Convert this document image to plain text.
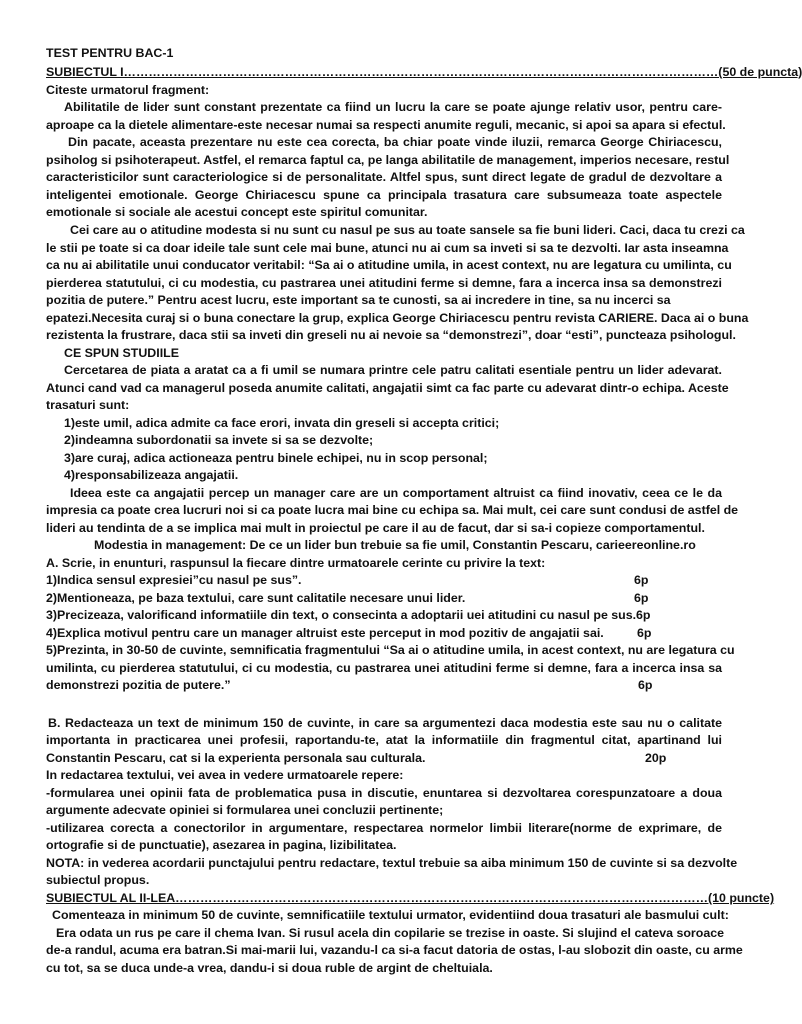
TEST PENTRU BAC-1
SUBIECTUL I………………………………………………………………………………………………………………………………(50 de puncta)
Citeste urmatorul fragment:
Abilitatile de lider sunt constant prezentate ca fiind un lucru la care se poate ajunge relativ usor, pentru care-
aproape ca la dietele alimentare-este necesar numai sa respecti anumite reguli, mecanic, si apoi sa apara si efectul.
Din pacate, aceasta prezentare nu este cea corecta, ba chiar poate vinde iluzii, remarca George Chiriacescu,
psiholog si psihoterapeut. Astfel, el remarca faptul ca, pe langa abilitatile de management, imperios necesare, restul
caracteristicilor sunt caracteriologice si de personalitate. Altfel spus, sunt direct legate de gradul de dezvoltare a
inteligentei emotionale. George Chiriacescu spune ca principala trasatura care subsumeaza toate aspectele
emotionale si sociale ale acestui concept este spiritul comunitar.
Cei care au o atitudine modesta si nu sunt cu nasul pe sus au toate sansele sa fie buni lideri. Caci, daca tu crezi ca
le stii pe toate si ca doar ideile tale sunt cele mai bune, atunci nu ai cum sa inveti si sa te dezvolti. Iar asta inseamna
ca nu ai abilitatile unui conducator veritabil: “Sa ai o atitudine umila, in acest context, nu are legatura cu umilinta, cu
pierderea statutului, ci cu modestia, cu pastrarea unei atitudini ferme si demne, fara a incerca insa sa demonstrezi
pozitia de putere.” Pentru acest lucru, este important sa te cunosti, sa ai incredere in tine, sa nu incerci sa
epatezi.Necesita curaj si o buna conectare la grup, explica George Chiriacescu pentru revista CARIERE. Daca ai o buna
rezistenta la frustrare, daca stii sa inveti din greseli nu ai nevoie sa “demonstrezi”, doar “esti”, puncteaza psihologul.
CE SPUN STUDIILE
Cercetarea de piata a aratat ca a fi umil se numara printre cele patru calitati esentiale pentru un lider adevarat.
Atunci cand vad ca managerul poseda anumite calitati, angajatii simt ca fac parte cu adevarat dintr-o echipa. Aceste
trasaturi sunt:
1)este umil, adica admite ca face erori, invata din greseli si accepta critici;
2)indeamna subordonatii sa invete si sa se dezvolte;
3)are curaj, adica actioneaza pentru binele echipei, nu in scop personal;
4)responsabilizeaza angajatii.
Ideea este ca angajatii percep un manager care are un comportament altruist ca fiind inovativ, ceea ce le da
impresia ca poate crea lucruri noi si ca poate lucra mai bine cu echipa sa. Mai mult, cei care sunt condusi de astfel de
lideri au tendinta de a se implica mai mult in proiectul pe care il au de facut, dar si sa-i copieze comportamentul.
Modestia in management: De ce un lider bun trebuie sa fie umil, Constantin Pescaru, carieereonline.ro
A. Scrie, in enunturi, raspunsul la fiecare dintre urmatoarele cerinte cu privire la text:
1)Indica sensul expresiei”cu nasul pe sus”.	6p
2)Mentioneaza, pe baza textului, care sunt calitatile necesare unui lider.	6p
3)Precizeaza, valorificand informatiile din text, o consecinta a adoptarii uei atitudini cu nasul pe sus. 6p
4)Explica motivul pentru care un manager altruist este perceput in mod pozitiv de angajatii sai.	6p
5)Prezinta, in 30-50 de cuvinte, semnificatia fragmentului “Sa ai o atitudine umila, in acest context, nu are legatura cu
umilinta, cu pierderea statutului, ci cu modestia, cu pastrarea unei atitudini ferme si demne, fara a incerca insa sa
demonstrezi pozitia de putere.”	6p
B. Redacteaza un text de minimum 150 de cuvinte, in care sa argumentezi daca modestia este sau nu o calitate
importanta in practicarea unei profesii, raportandu-te, atat la informatiile din fragmentul citat, apartinand lui
Constantin Pescaru, cat si la experienta personala sau culturala.	20p
In redactarea textului, vei avea in vedere urmatoarele repere:
-formularea unei opinii fata de problematica pusa in discutie, enuntarea si dezvoltarea corespunzatoare a doua
argumente adecvate opiniei si formularea unei concluzii pertinente;
-utilizarea corecta a conectorilor in argumentare, respectarea normelor limbii literare(norme de exprimare, de
ortografie si de punctuatie), asezarea in pagina, lizibilitatea.
NOTA: in vederea acordarii punctajului pentru redactare, textul trebuie sa aiba minimum 150 de cuvinte si sa dezvolte
subiectul propus.
SUBIECTUL AL II-LEA…………………………………………………………………………………………………………………(10 puncte)
Comenteaza in minimum 50 de cuvinte, semnificatiile textului urmator, evidentiind doua trasaturi ale basmului cult:
Era odata un rus pe care il chema Ivan. Si rusul acela din copilarie se trezise in oaste. Si slujind el cateva soroace
de-a randul, acuma era batran.Si mai-marii lui, vazandu-l ca si-a facut datoria de ostas, l-au slobozit din oaste, cu arme
cu tot, sa se duca unde-a vrea, dandu-i si doua ruble de argint de cheltuiala.
